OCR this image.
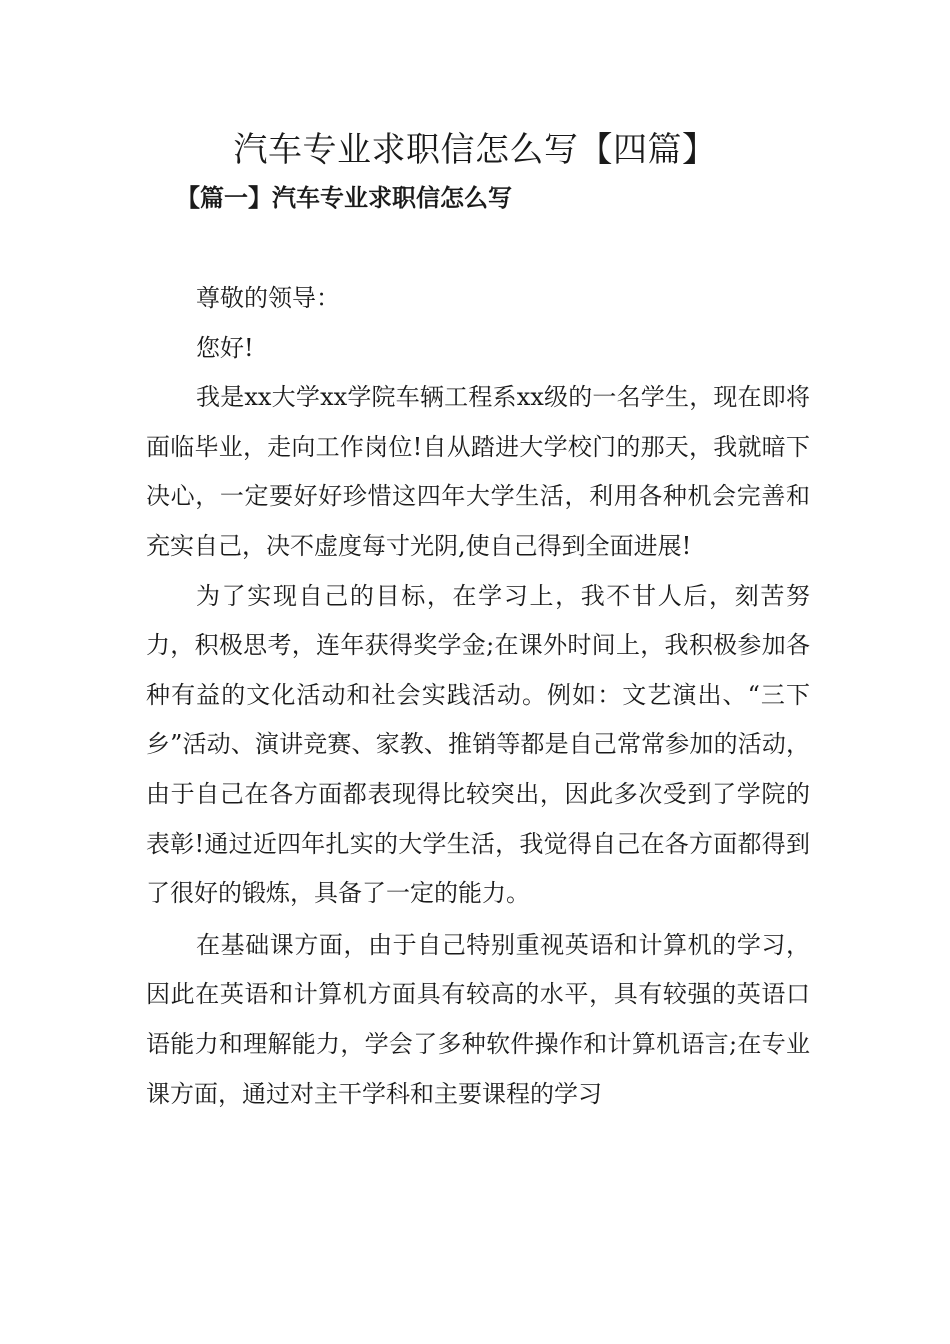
汽车专业求职信怎么写【四篇】
【篇一】汽车专业求职信怎么写

尊敬的领导：

您好!

我是xx大学xx学院车辆工程系xx级的一名学生，现在即将面临毕业，走向工作岗位!自从踏进大学校门的那天，我就暗下决心，一定要好好珍惜这四年大学生活，利用各种机会完善和充实自己，决不虚度每寸光阴,使自己得到全面进展!

为了实现自己的目标，在学习上，我不甘人后，刻苦努力，积极思考，连年获得奖学金;在课外时间上，我积极参加各种有益的文化活动和社会实践活动。例如：文艺演出、“三下乡”活动、演讲竞赛、家教、推销等都是自己常常参加的活动，由于自己在各方面都表现得比较突出，因此多次受到了学院的表彰!通过近四年扎实的大学生活，我觉得自己在各方面都得到了很好的锻炼，具备了一定的能力。

在基础课方面，由于自己特别重视英语和计算机的学习，因此在英语和计算机方面具有较高的水平，具有较强的英语口语能力和理解能力，学会了多种软件操作和计算机语言;在专业课方面，通过对主干学科和主要课程的学习
